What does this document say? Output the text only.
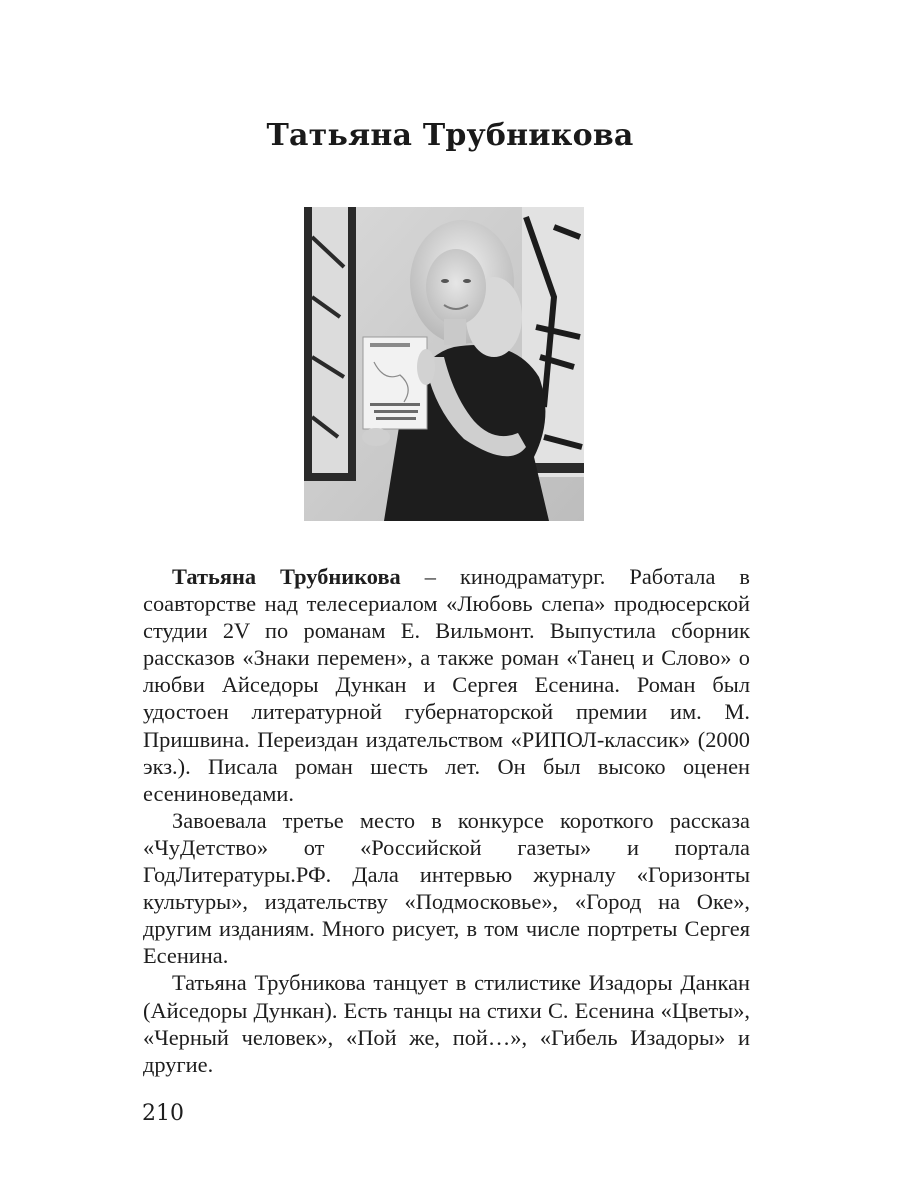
Татьяна Трубникова

Татьяна Трубникова – кинодраматург. Работала в соавторстве над телесериалом «Любовь слепа» продюсерской студии 2V по романам Е. Вильмонт. Выпустила сборник рассказов «Знаки перемен», а также роман «Танец и Слово» о любви Айседоры Дункан и Сергея Есенина. Роман был удостоен литературной губернаторской премии им. М. Пришвина. Переиздан издательством «РИПОЛ-классик» (2000 экз.). Писала роман шесть лет. Он был высоко оценен есениноведами.

Завоевала третье место в конкурсе короткого рассказа «ЧуДетство» от «Российской газеты» и портала ГодЛитературы.РФ. Дала интервью журналу «Горизонты культуры», издательству «Подмосковье», «Город на Оке», другим изданиям. Много рисует, в том числе портреты Сергея Есенина.

Татьяна Трубникова танцует в стилистике Изадоры Данкан (Айседоры Дункан). Есть танцы на стихи С. Есенина «Цветы», «Черный человек», «Пой же, пой…», «Гибель Изадоры» и другие.

210
